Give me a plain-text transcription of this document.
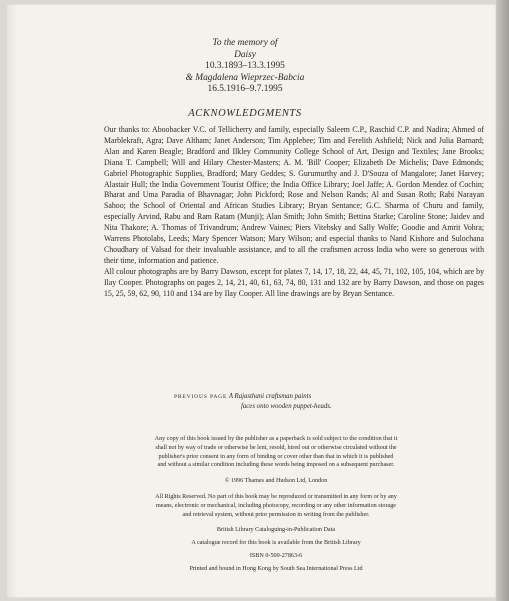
To the memory of
Daisy
10.3.1893–13.3.1995
& Magdalena Wieprzec-Babcia
16.5.1916–9.7.1995
ACKNOWLEDGMENTS

Our thanks to: Aboobacker V.C. of Tellicherry and family, especially Saleem C.P., Raschid C.P. and Nadira; Ahmed of Marblekraft, Agra; Dave Altham; Janet Anderson; Tim Applebee; Tim and Ferelith Ashfield; Nick and Julia Barnard; Alan and Karen Beagle; Bradford and Ilkley Community College School of Art, Design and Textiles; Jane Brooks; Diana T. Campbell; Will and Hilary Chester-Masters; A. M. 'Bill' Cooper; Elizabeth De Michelis; Dave Edmonds; Gabriel Photographic Supplies, Bradford; Mary Geddes; S. Gurumurthy and J. D'Souza of Mangalore; Janet Harvey; Alastair Hull; the India Government Tourist Office; the India Office Library; Joel Jaffe; A. Gordon Mendez of Cochin; Bharat and Uma Paradia of Bhavnagar; John Pickford; Rose and Nelson Rands; Al and Susan Roth; Rabi Narayan Sahoo; the School of Oriental and African Studies Library; Bryan Sentance; G.C. Sharma of Churu and family, especially Arvind, Rabu and Ram Ratam (Munji); Alan Smith; John Smith; Bettina Starke; Caroline Stone; Jaidev and Nita Thakore; A. Thomas of Trivandrum; Andrew Vaines; Piers Vitebsky and Sally Wolfe; Goodie and Amrit Vohra; Warrens Photolabs, Leeds; Mary Spencer Watson; Mary Wilson; and especial thanks to Nand Kishore and Sulochana Choudhary of Valsad for their invaluable assistance, and to all the craftsmen across India who were so generous with their time, information and patience.

All colour photographs are by Barry Dawson, except for plates 7, 14, 17, 18, 22, 44, 45, 71, 102, 105, 104, which are by Ilay Cooper. Photographs on pages 2, 14, 21, 40, 61, 63, 74, 80, 131 and 132 are by Barry Dawson, and those on pages 15, 25, 59, 62, 90, 110 and 134 are by Ilay Cooper. All line drawings are by Bryan Sentance.

PREVIOUS PAGE A Rajasthani craftsman paints
faces onto wooden puppet-heads.

Any copy of this book issued by the publisher as a paperback is sold subject to the condition that it
shall not by way of trade or otherwise be lent, resold, hired out or otherwise circulated without the
publisher's prior consent in any form of binding or cover other than that in which it is published
and without a similar condition including these words being imposed on a subsequent purchaser.

© 1996 Thames and Hudson Ltd, London

All Rights Reserved. No part of this book may be reproduced or transmitted in any form or by any
means, electronic or mechanical, including photocopy, recording or any other information storage
and retrieval system, without prior permission in writing from the publisher.

British Library Cataloguing-in-Publication Data

A catalogue record for this book is available from the British Library

ISBN 0-500-27863-6

Printed and bound in Hong Kong by South Sea International Press Ltd
